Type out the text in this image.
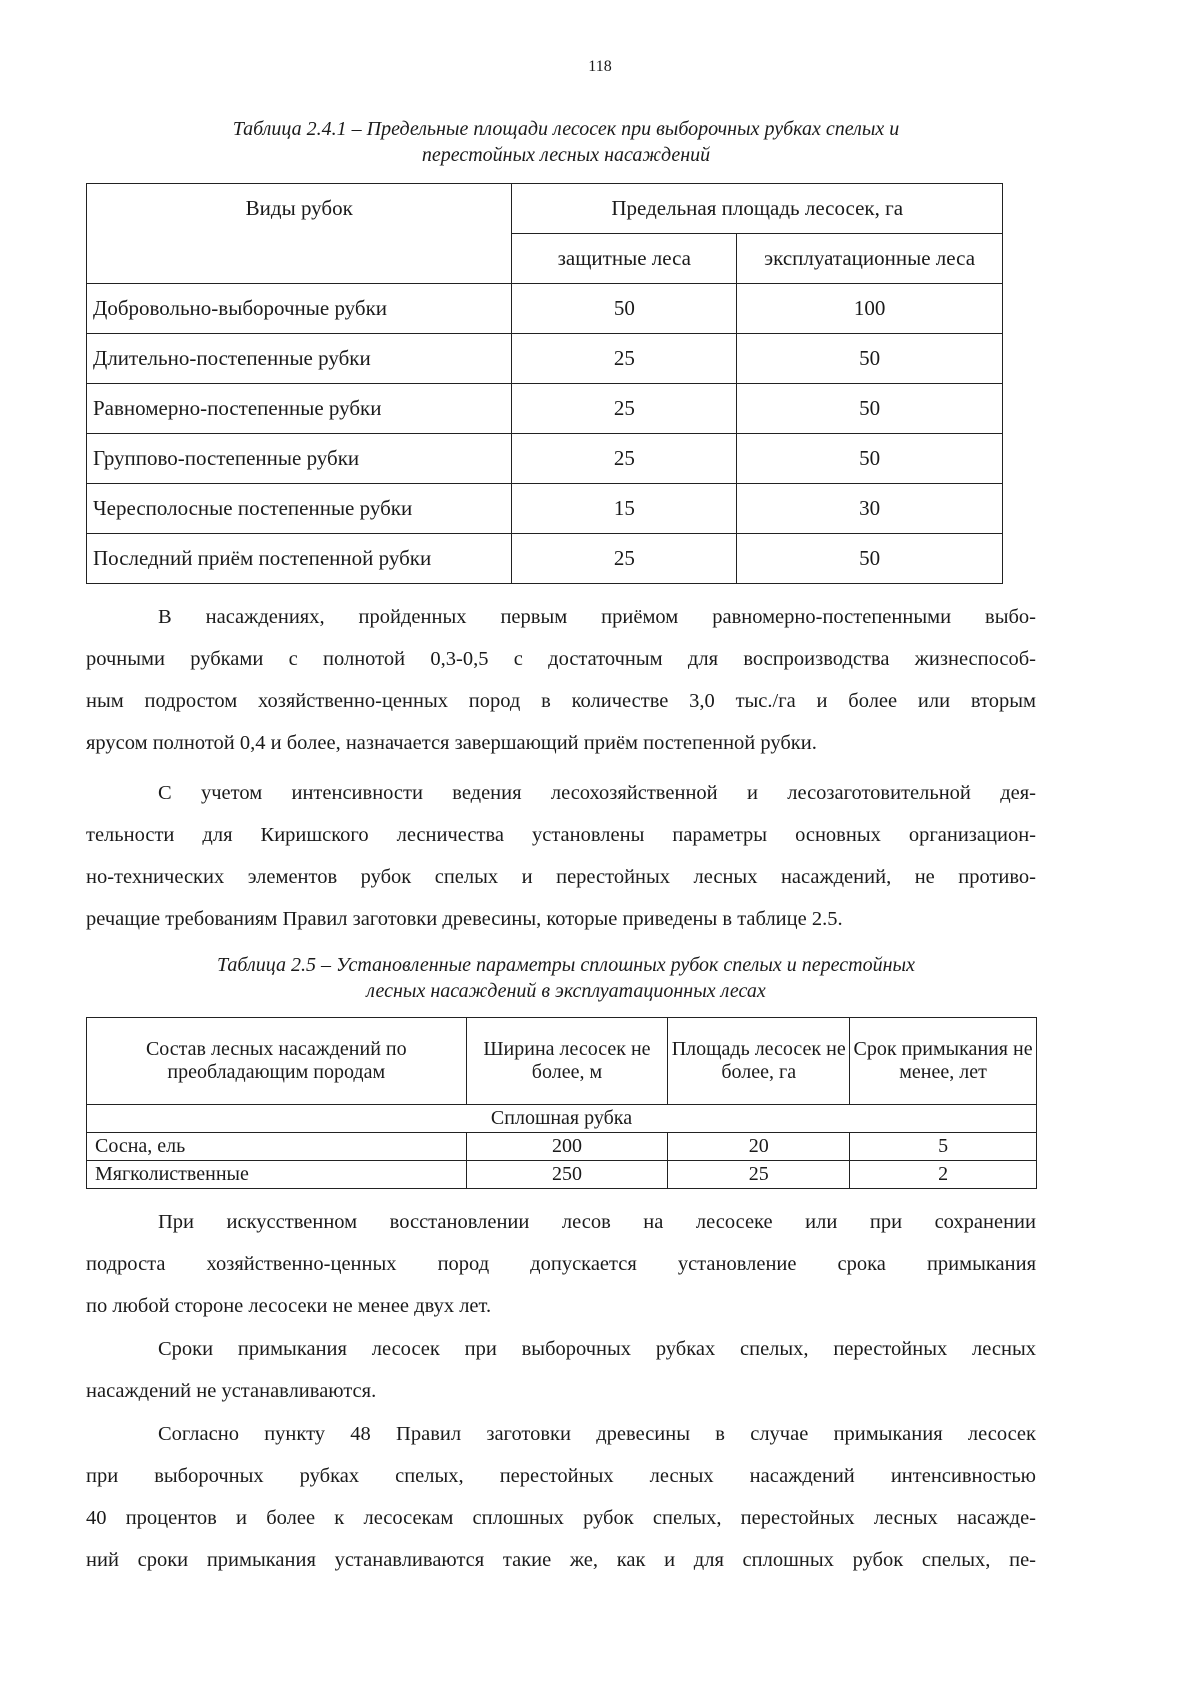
118
Таблица 2.4.1 – Предельные площади лесосек при выборочных рубках спелых и
перестойных лесных насаждений
Виды рубок	Предельная площадь лесосек, га	
	защитные леса	эксплуатационные леса
Добровольно-выборочные рубки	50	100
Длительно-постепенные рубки	25	50
Равномерно-постепенные рубки	25	50
Группово-постепенные рубки	25	50
Чересполосные постепенные рубки	15	30
Последний приём постепенной рубки	25	50
В насаждениях, пройденных первым приёмом равномерно-постепенными выбо-
рочными рубками с полнотой 0,3-0,5 с достаточным для воспроизводства жизнеспособ-
ным подростом хозяйственно-ценных пород в количестве 3,0 тыс./га и более или вторым
ярусом полнотой 0,4 и более, назначается завершающий приём постепенной рубки.
С учетом интенсивности ведения лесохозяйственной и лесозаготовительной дея-
тельности для Киришского лесничества установлены параметры основных организацион-
но-технических элементов рубок спелых и перестойных лесных насаждений, не противо-
речащие требованиям Правил заготовки древесины, которые приведены в таблице 2.5.
Таблица 2.5 – Установленные параметры сплошных рубок спелых и перестойных
лесных насаждений в эксплуатационных лесах
Состав лесных насаждений по преобладающим породам	Ширина лесосек не более, м	Площадь лесосек не более, га	Срок примыкания не менее, лет
Сплошная рубка			
Сосна, ель	200	20	5
Мягколиственные	250	25	2
При искусственном восстановлении лесов на лесосеке или при сохранении
подроста хозяйственно-ценных пород допускается установление срока примыкания
по любой стороне лесосеки не менее двух лет.
Сроки примыкания лесосек при выборочных рубках спелых, перестойных лесных
насаждений не устанавливаются.
Согласно пункту 48 Правил заготовки древесины в случае примыкания лесосек
при выборочных рубках спелых, перестойных лесных насаждений интенсивностью
40 процентов и более к лесосекам сплошных рубок спелых, перестойных лесных насажде-
ний сроки примыкания устанавливаются такие же, как и для сплошных рубок спелых, пе-
